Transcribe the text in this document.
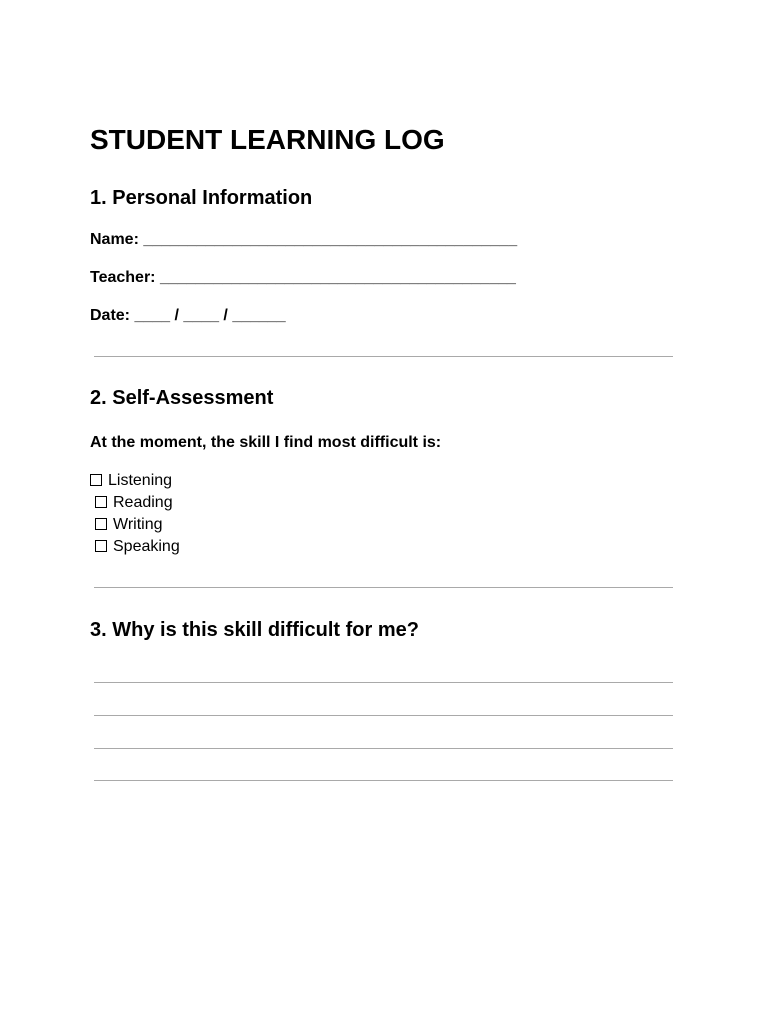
STUDENT LEARNING LOG
1. Personal Information
Name: __________________________________________
Teacher: ________________________________________
Date: ____ / ____ / ______
2. Self-Assessment
At the moment, the skill I find most difficult is:
Listening
Reading
Writing
Speaking
3. Why is this skill difficult for me?
